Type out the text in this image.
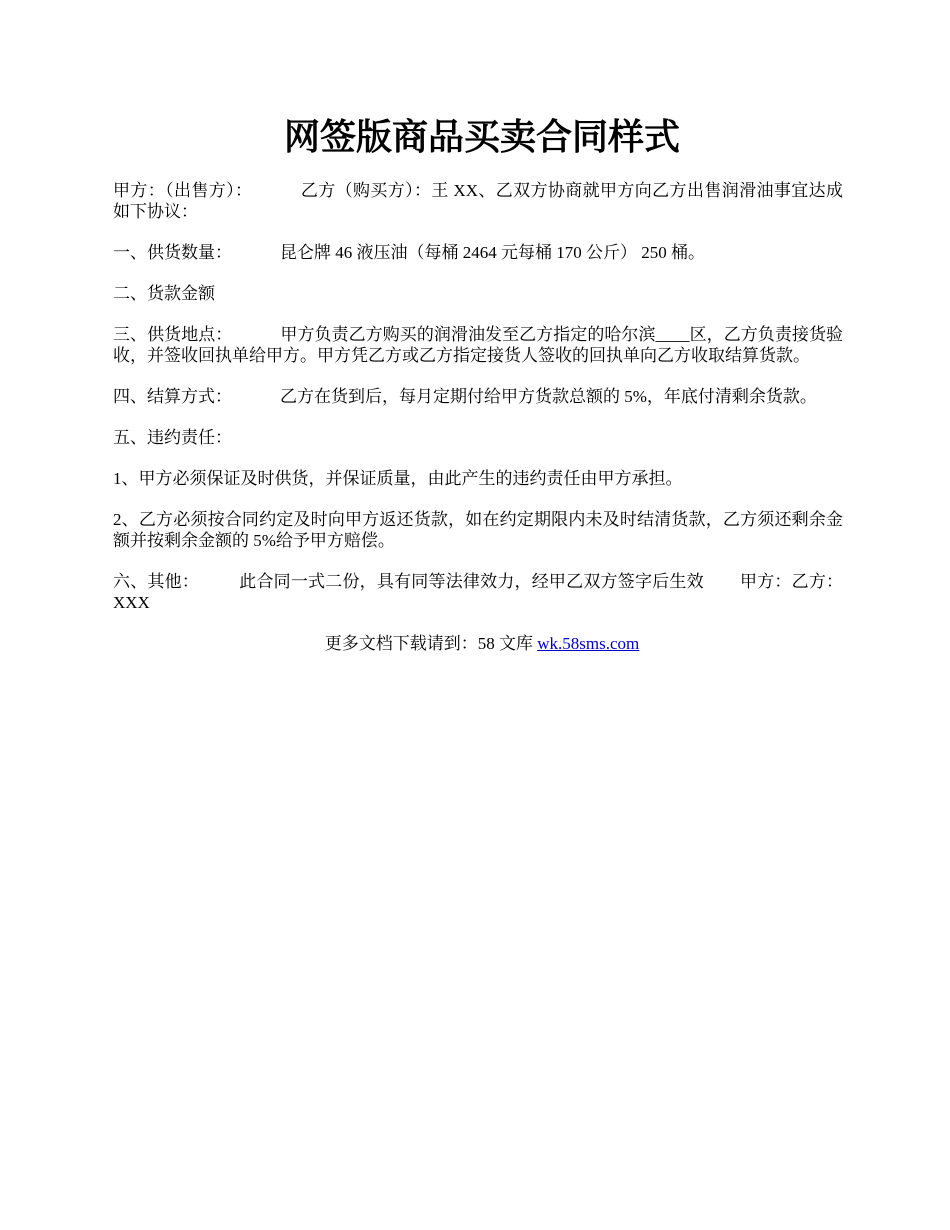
网签版商品买卖合同样式

甲方：（出售方）：	乙方（购买方）：王 XX、乙双方协商就甲方向乙方出售润滑油事宜达成如下协议：

一、供货数量：	昆仑牌 46 液压油（每桶 2464 元每桶 170 公斤） 250 桶。

二、货款金额

三、供货地点：	甲方负责乙方购买的润滑油发至乙方指定的哈尔滨____区，乙方负责接货验收，并签收回执单给甲方。甲方凭乙方或乙方指定接货人签收的回执单向乙方收取结算货款。

四、结算方式：	乙方在货到后，每月定期付给甲方货款总额的 5%，年底付清剩余货款。

五、违约责任：

1、甲方必须保证及时供货，并保证质量，由此产生的违约责任由甲方承担。

2、乙方必须按合同约定及时向甲方返还货款，如在约定期限内未及时结清货款，乙方须还剩余金额并按剩余金额的 5%给予甲方赔偿。

六、其他： 此合同一式二份，具有同等法律效力，经甲乙双方签字后生效 甲方：乙方：XXX

更多文档下载请到：58 文库 wk.58sms.com
